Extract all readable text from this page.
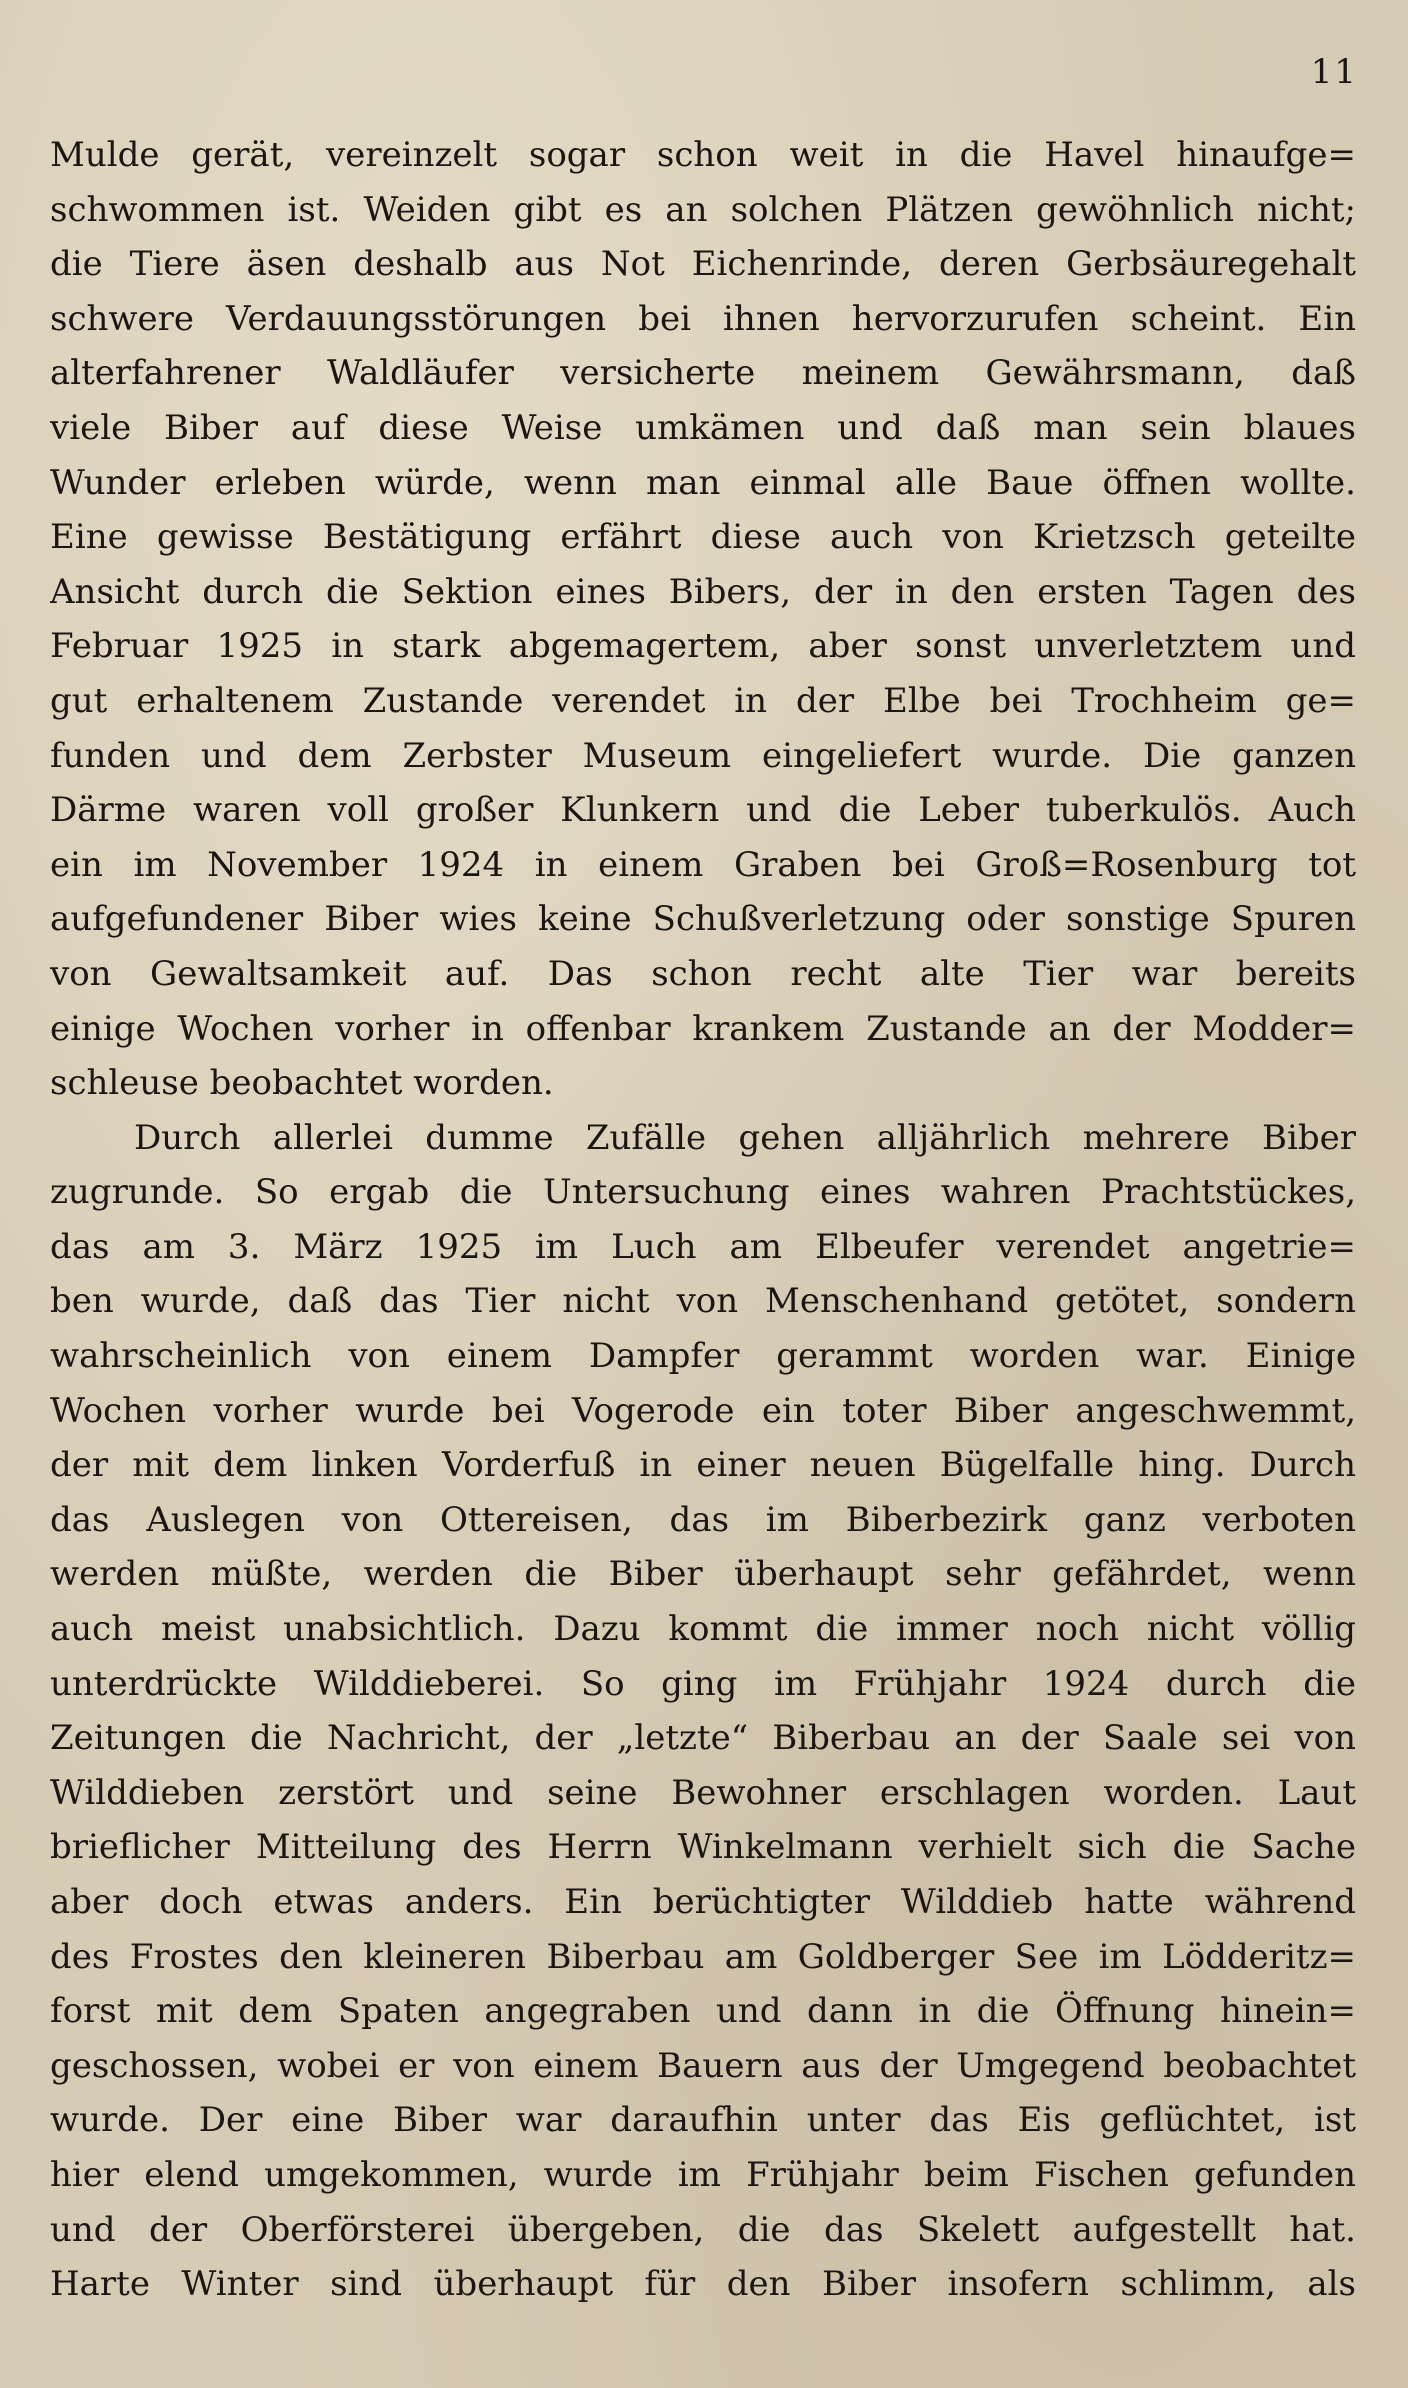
11
Mulde gerät, vereinzelt sogar schon weit in die Havel hinaufge=
schwommen ist. Weiden gibt es an solchen Plätzen gewöhnlich nicht;
die Tiere äsen deshalb aus Not Eichenrinde, deren Gerbsäuregehalt
schwere Verdauungsstörungen bei ihnen hervorzurufen scheint. Ein
alterfahrener Waldläufer versicherte meinem Gewährsmann, daß
viele Biber auf diese Weise umkämen und daß man sein blaues
Wunder erleben würde, wenn man einmal alle Baue öffnen wollte.
Eine gewisse Bestätigung erfährt diese auch von Krietzsch geteilte
Ansicht durch die Sektion eines Bibers, der in den ersten Tagen des
Februar 1925 in stark abgemagertem, aber sonst unverletztem und
gut erhaltenem Zustande verendet in der Elbe bei Trochheim ge=
funden und dem Zerbster Museum eingeliefert wurde. Die ganzen
Därme waren voll großer Klunkern und die Leber tuberkulös. Auch
ein im November 1924 in einem Graben bei Groß=Rosenburg tot
aufgefundener Biber wies keine Schußverletzung oder sonstige Spuren
von Gewaltsamkeit auf. Das schon recht alte Tier war bereits
einige Wochen vorher in offenbar krankem Zustande an der Modder=
schleuse beobachtet worden.
Durch allerlei dumme Zufälle gehen alljährlich mehrere Biber
zugrunde. So ergab die Untersuchung eines wahren Prachtstückes,
das am 3. März 1925 im Luch am Elbeufer verendet angetrie=
ben wurde, daß das Tier nicht von Menschenhand getötet, sondern
wahrscheinlich von einem Dampfer gerammt worden war. Einige
Wochen vorher wurde bei Vogerode ein toter Biber angeschwemmt,
der mit dem linken Vorderfuß in einer neuen Bügelfalle hing. Durch
das Auslegen von Ottereisen, das im Biberbezirk ganz verboten
werden müßte, werden die Biber überhaupt sehr gefährdet, wenn
auch meist unabsichtlich. Dazu kommt die immer noch nicht völlig
unterdrückte Wilddieberei. So ging im Frühjahr 1924 durch die
Zeitungen die Nachricht, der „letzte“ Biberbau an der Saale sei von
Wilddieben zerstört und seine Bewohner erschlagen worden. Laut
brieflicher Mitteilung des Herrn Winkelmann verhielt sich die Sache
aber doch etwas anders. Ein berüchtigter Wilddieb hatte während
des Frostes den kleineren Biberbau am Goldberger See im Lödderitz=
forst mit dem Spaten angegraben und dann in die Öffnung hinein=
geschossen, wobei er von einem Bauern aus der Umgegend beobachtet
wurde. Der eine Biber war daraufhin unter das Eis geflüchtet, ist
hier elend umgekommen, wurde im Frühjahr beim Fischen gefunden
und der Oberförsterei übergeben, die das Skelett aufgestellt hat.
Harte Winter sind überhaupt für den Biber insofern schlimm, als
